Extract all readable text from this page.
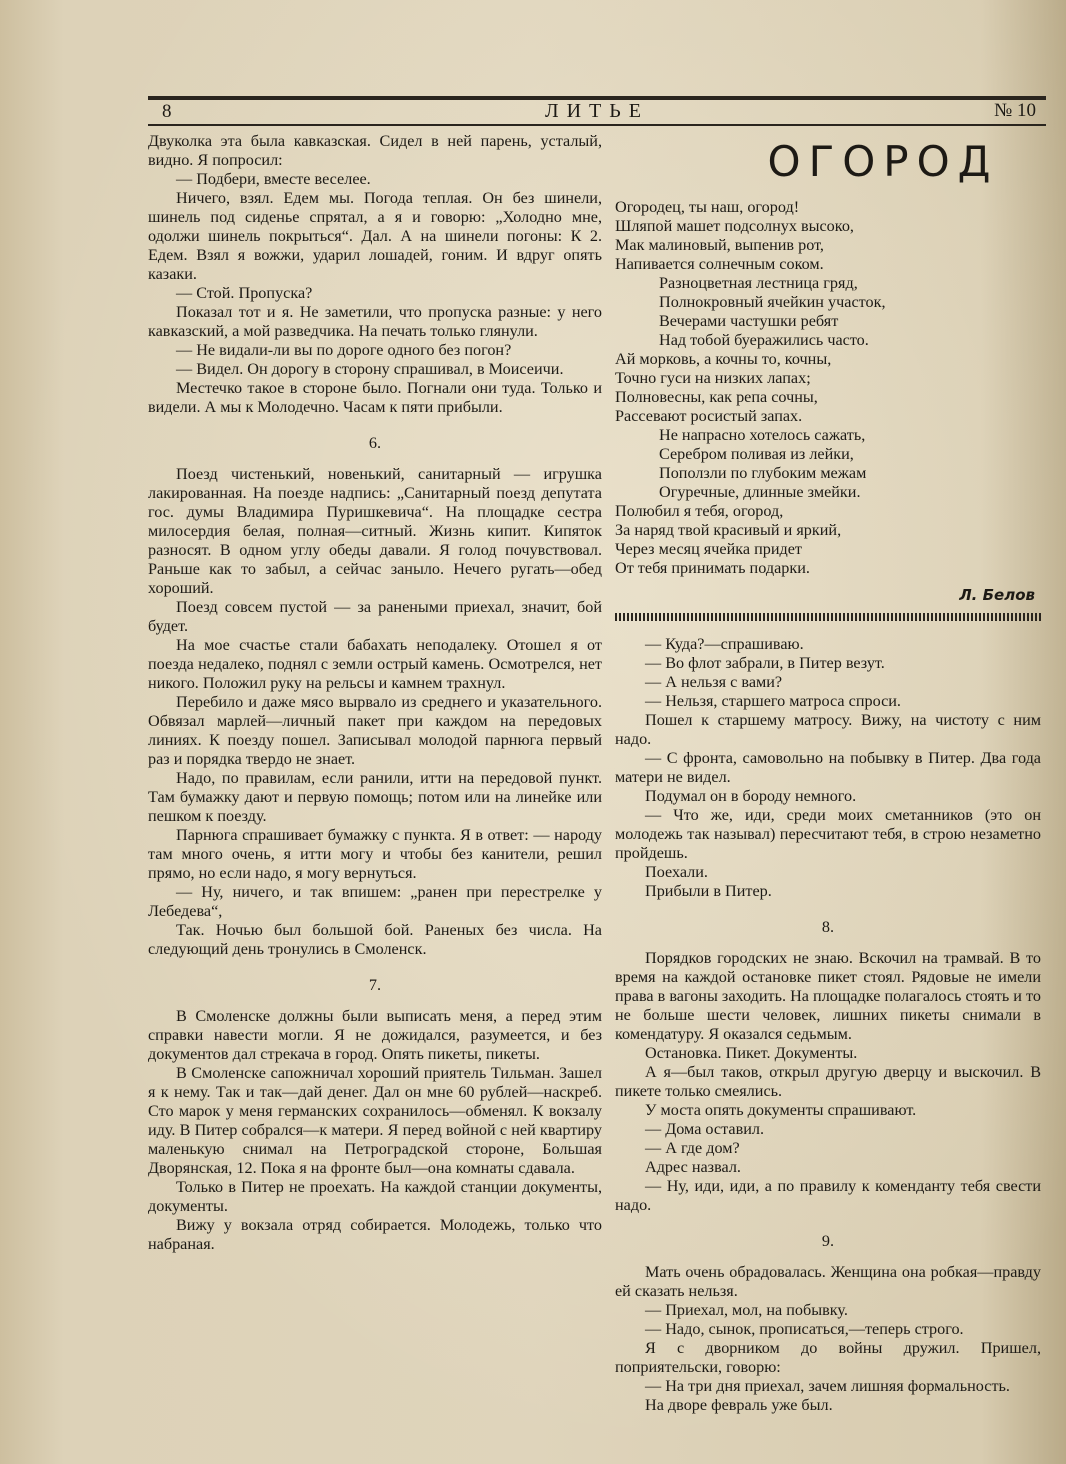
8	ЛИТЬЕ	№ 10

Двуколка эта была кавказская. Сидел в ней парень, усталый, видно. Я попросил:

— Подбери, вместе веселее.

Ничего, взял. Едем мы. Погода теплая. Он без шинели, шинель под сиденье спрятал, а я и говорю: „Холодно мне, одолжи шинель покрыться“. Дал. А на шинели погоны: К 2. Едем. Взял я вожжи, ударил лошадей, гоним. И вдруг опять казаки.

— Стой. Пропуска?

Показал тот и я. Не заметили, что пропуска разные: у него кавказский, а мой разведчика. На печать только глянули.

— Не видали-ли вы по дороге одного без погон?

— Видел. Он дорогу в сторону спрашивал, в Моисеичи.

Местечко такое в стороне было. Погнали они туда. Только и видели. А мы к Молодечно. Часам к пяти прибыли.

6.

Поезд чистенький, новенький, санитарный — игрушка лакированная. На поезде надпись: „Санитарный поезд депутата гос. думы Владимира Пуришкевича“. На площадке сестра милосердия белая, полная—ситный. Жизнь кипит. Кипяток разносят. В одном углу обеды давали. Я голод почувствовал. Раньше как то забыл, а сейчас заныло. Нечего ругать—обед хороший.

Поезд совсем пустой — за ранеными приехал, значит, бой будет.

На мое счастье стали бабахать неподалеку. Отошел я от поезда недалеко, поднял с земли острый камень. Осмотрелся, нет никого. Положил руку на рельсы и камнем трахнул.

Перебило и даже мясо вырвало из среднего и указательного. Обвязал марлей—личный пакет при каждом на передовых линиях. К поезду пошел. Записывал молодой парнюга первый раз и порядка твердо не знает.

Надо, по правилам, если ранили, итти на передовой пункт. Там бумажку дают и первую помощь; потом или на линейке или пешком к поезду.

Парнюга спрашивает бумажку с пункта. Я в ответ: — народу там много очень, я итти могу и чтобы без канители, решил прямо, но если надо, я могу вернуться.

— Ну, ничего, и так впишем: „ранен при перестрелке у Лебедева“,

Так. Ночью был большой бой. Раненых без числа. На следующий день тронулись в Смоленск.

7.

В Смоленске должны были выписать меня, а перед этим справки навести могли. Я не дожидался, разумеется, и без документов дал стрекача в город. Опять пикеты, пикеты.

В Смоленске сапожничал хороший приятель Тильман. Зашел я к нему. Так и так—дай денег. Дал он мне 60 рублей—наскреб. Сто марок у меня германских сохранилось—обменял. К вокзалу иду. В Питер собрался—к матери. Я перед войной с ней квартиру маленькую снимал на Петроградской стороне, Большая Дворянская, 12. Пока я на фронте был—она комнаты сдавала.

Только в Питер не проехать. На каждой станции документы, документы.

Вижу у вокзала отряд собирается. Молодежь, только что набраная.

ОГОРОД
Огородец, ты наш, огород!
Шляпой машет подсолнух высоко,
Мак малиновый, выпенив рот,
Напивается солнечным соком.
Разноцветная лестница гряд,
Полнокровный ячейкин участок,
Вечерами частушки ребят
Над тобой буеражились часто.
Ай морковь, а кочны то, кочны,
Точно гуси на низких лапах;
Полновесны, как репа сочны,
Рассевают росистый запах.
Не напрасно хотелось сажать,
Серебром поливая из лейки,
Поползли по глубоким межам
Огуречные, длинные змейки.
Полюбил я тебя, огород,
За наряд твой красивый и яркий,
Через месяц ячейка придет
От тебя принимать подарки.
Л. Белов

— Куда?—спрашиваю.

— Во флот забрали, в Питер везут.

— А нельзя с вами?

— Нельзя, старшего матроса спроси.

Пошел к старшему матросу. Вижу, на чистоту с ним надо.

— С фронта, самовольно на побывку в Питер. Два года матери не видел.

Подумал он в бороду немного.

— Что же, иди, среди моих сметанников (это он молодежь так называл) пересчитают тебя, в строю незаметно пройдешь.

Поехали.

Прибыли в Питер.

8.

Порядков городских не знаю. Вскочил на трамвай. В то время на каждой остановке пикет стоял. Рядовые не имели права в вагоны заходить. На площадке полагалось стоять и то не больше шести человек, лишних пикеты снимали в комендатуру. Я оказался седьмым.

Остановка. Пикет. Документы.

А я—был таков, открыл другую дверцу и выскочил. В пикете только смеялись.

У моста опять документы спрашивают.

— Дома оставил.

— А где дом?

Адрес назвал.

— Ну, иди, иди, а по правилу к коменданту тебя свести надо.

9.

Мать очень обрадовалась. Женщина она робкая—правду ей сказать нельзя.

— Приехал, мол, на побывку.

— Надо, сынок, прописаться,—теперь строго.

Я с дворником до войны дружил. Пришел, поприятельски, говорю:

— На три дня приехал, зачем лишняя формальность.

На дворе февраль уже был.
